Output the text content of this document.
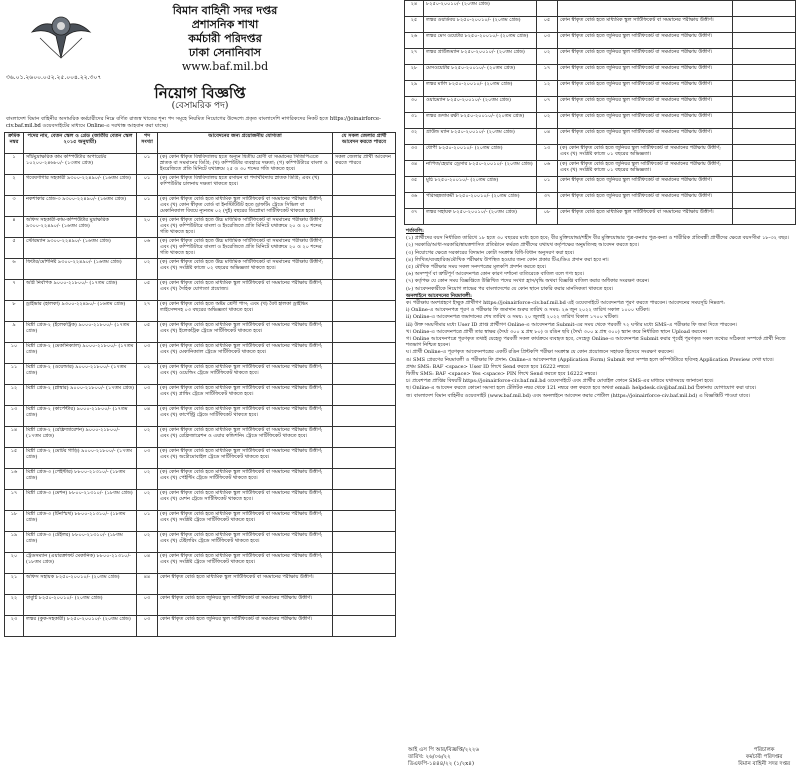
বিমান বাহিনী সদর দপ্তর
প্রশাসনিক শাখা
কর্মচারী পরিদপ্তর
ঢাকা সেনানিবাস
www.baf.mil.bd
৩৬.০১.২৬০০.০৫২.২৫.০০৪.২২.৩০৭
নিয়োগ বিজ্ঞপ্তি
(বেসামরিক পদ)
বাংলাদেশ বিমান বাহিনীর অসামরিক কর্মচারীদের নিম্নে বর্ণিত রাজস্ব খাতের শূন্য পদ সমূহে নিয়মিত নিয়োগের উদ্দেশ্যে প্রকৃত বাংলাদেশি নাগরিকদের নিকট হতে https://joinairforce-civ.baf.mil.bd ওয়েবসাইটের মাধ্যমে Online-এ দরখাস্ত আহবান করা যাচ্ছে।
ক্রমিক নম্বর	পদের নাম, বেতন স্কেল ও গ্রেড (জাতীয় বেতন স্কেল ২০১৫ অনুযায়ী)	পদ সংখ্যা	আবেদনের জন্য প্রয়োজনীয় যোগ্যতা	যে সকল জেলার প্রার্থী আবেদন করতে পারবে
১	সাঁটমুদ্রাক্ষরিক কাম কম্পিউটার অপারেটর ১০২০০-২৪৬৮০/- (১৩তম গ্রেড)	০১	(ক) কোন স্বীকৃত বিশ্ববিদ্যালয় হতে অন্যূন দ্বিতীয় শ্রেণী বা সমমানের সিজিপিএতে স্নাতক বা সমমানের ডিগ্রি; (খ) কম্পিউটার ব্যবহারে দক্ষতা; (গ) কম্পিউটারে বাংলা ও ইংরেজিতে প্রতি মিনিটে যথাক্রমে ২৫ ও ৩০ শব্দের গতি থাকতে হবে।	সকল জেলার প্রার্থী আবেদন করতে পারবে
২	গবেষণাগার সহকারী ৯৩০০-২২৪৯০/- (১৬তম গ্রেড)	০১	(ক) কোন স্বীকৃত বিশ্ববিদ্যালয় হতে রসায়ন বা পদার্থবিদ্যায় স্নাতক ডিগ্রি; এবং (খ) কম্পিউটার চালনায় দক্ষতা থাকতে হবে।	
৩	নকশাকার গ্রেড-৩ ৯৩০০-২২৪৯০/- (১৬তম গ্রেড)	০১	(ক) কোন স্বীকৃত বোর্ড হতে মাধ্যমিক স্কুল সার্টিফিকেট বা সমমানের পরীক্ষায় উত্তীর্ণ; এবং (খ) কোন স্বীকৃত বোর্ড বা ইনস্টিটিউট হতে ড্রাফটিং ট্রেডে সিভিল বা মেকানিক্যাল বিষয়ে ন্যূনতম ০২ (দুই) বছরের ডিপ্লোমা সার্টিফিকেট থাকতে হবে।	
৪	অফিস সহকারী-কাম-কম্পিউটার মুদ্রাক্ষরিক ৯৩০০-২২৪৯০/- (১৬তম গ্রেড)	২০	(ক) কোন স্বীকৃত বোর্ড হতে উচ্চ মাধ্যমিক সার্টিফিকেট বা সমমানের পরীক্ষায় উত্তীর্ণ; এবং (খ) কম্পিউটারে বাংলা ও ইংরেজিতে প্রতি মিনিটে যথাক্রমে ২০ ও ২০ শব্দের গতি থাকতে হবে।	
৫	স্টোরম্যান ৯৩০০-২২৪৯০/- (১৬তম গ্রেড)	০৬	(ক) কোন স্বীকৃত বোর্ড হতে উচ্চ মাধ্যমিক সার্টিফিকেট বা সমমানের পরীক্ষায় উত্তীর্ণ; এবং (খ) কম্পিউটারে বাংলা ও ইংরেজিতে প্রতি মিনিটে যথাক্রমে ২০ ও ২০ শব্দের গতি থাকতে হবে।	
৬	ফিটার/মেশিনিষ্ট ৯৩০০-২২৪৯০/- (১৬তম গ্রেড)	০২	(ক) কোন স্বীকৃত বোর্ড হতে উচ্চ মাধ্যমিক সার্টিফিকেট বা সমমানের পরীক্ষায় উত্তীর্ণ; এবং (খ) সংশ্লিষ্ট কাজে ০২ বছরের অভিজ্ঞতা থাকতে হবে।	
৭	অগ্নি নির্বাপক ৯০০০-২১৮০০/- (১৭তম গ্রেড)	০৫	(ক) কোন স্বীকৃত বোর্ড হতে মাধ্যমিক স্কুল সার্টিফিকেট বা সমমানের পরীক্ষায় উত্তীর্ণ; এবং (খ) দৈহিক যোগ্যতা প্রযোজ্য।	
৮	ড্রাইভার (হালকা) ৯৩০০-২২৪৯০/- (১৬তম গ্রেড)	২৭	(ক) কোন স্বীকৃত বোর্ড হতে অষ্টম শ্রেণী পাস; এবং (খ) বৈধ হালকা ড্রাইভিং লাইসেন্সসহ ০৩ বছরের অভিজ্ঞতা থাকতে হবে।	
৯	মিস্ত্রী গ্রেড-২ (ইলেকট্রিক) ৯০০০-২১৮০০/- (১৭তম গ্রেড)	০৫	(ক) কোন স্বীকৃত বোর্ড হতে মাধ্যমিক স্কুল সার্টিফিকেট বা সমমানের পরীক্ষায় উত্তীর্ণ; এবং (খ) ইলেকট্রিক ট্রেডে সার্টিফিকেট থাকতে হবে।	
১০	মিস্ত্রী গ্রেড-২ (মেকানিক্যাল) ৯০০০-২১৮০০/- (১৭তম গ্রেড)	০৩	(ক) কোন স্বীকৃত বোর্ড হতে মাধ্যমিক স্কুল সার্টিফিকেট বা সমমানের পরীক্ষায় উত্তীর্ণ; এবং (খ) মেকানিক্যাল ট্রেডে সার্টিফিকেট থাকতে হবে।	
১১	মিস্ত্রী গ্রেড-২ (ওয়েল্ডার) ৯০০০-২১৮০০/- (১৭তম গ্রেড)	০২	(ক) কোন স্বীকৃত বোর্ড হতে মাধ্যমিক স্কুল সার্টিফিকেট বা সমমানের পরীক্ষায় উত্তীর্ণ; এবং (খ) ওয়েল্ডিং ট্রেডে সার্টিফিকেট থাকতে হবে।	
১২	মিস্ত্রী গ্রেড-২ (প্লাম্বার) ৯০০০-২১৮০০/- (১৭তম গ্রেড)	০৩	(ক) কোন স্বীকৃত বোর্ড হতে মাধ্যমিক স্কুল সার্টিফিকেট বা সমমানের পরীক্ষায় উত্তীর্ণ; এবং (খ) প্লাম্বিং ট্রেডে সার্টিফিকেট থাকতে হবে।	
১৩	মিস্ত্রী গ্রেড-২ (কার্পেন্টার) ৯০০০-২১৮০০/- (১৭তম গ্রেড)	০৪	(ক) কোন স্বীকৃত বোর্ড হতে মাধ্যমিক স্কুল সার্টিফিকেট বা সমমানের পরীক্ষায় উত্তীর্ণ; এবং (খ) কার্পেন্ট্রি ট্রেডে সার্টিফিকেট থাকতে হবে।	
১৪	মিস্ত্রী গ্রেড-২ (রেফ্রিজারেশন) ৯০০০-২১৮০০/- (১৭তম গ্রেড)	০২	(ক) কোন স্বীকৃত বোর্ড হতে মাধ্যমিক স্কুল সার্টিফিকেট বা সমমানের পরীক্ষায় উত্তীর্ণ; এবং (খ) রেফ্রিজারেশন ও এয়ার কন্ডিশনিং ট্রেডে সার্টিফিকেট থাকতে হবে।	
১৫	মিস্ত্রী গ্রেড-২ (মোটর গাড়ি) ৯০০০-২১৮০০/- (১৭তম গ্রেড)	০৩	(ক) কোন স্বীকৃত বোর্ড হতে মাধ্যমিক স্কুল সার্টিফিকেট বা সমমানের পরীক্ষায় উত্তীর্ণ; এবং (খ) অটোমোবাইল ট্রেডে সার্টিফিকেট থাকতে হবে।	
১৬	মিস্ত্রী গ্রেড-৩ (পেইন্টার) ৮৮০০-২১৩১০/- (১৮তম গ্রেড)	০২	(ক) কোন স্বীকৃত বোর্ড হতে মাধ্যমিক স্কুল সার্টিফিকেট বা সমমানের পরীক্ষায় উত্তীর্ণ; এবং (খ) পেইন্টিং ট্রেডে সার্টিফিকেট থাকতে হবে।	
১৭	মিস্ত্রী গ্রেড-৩ (মেশন) ৮৮০০-২১৩১০/- (১৮তম গ্রেড)	০২	(ক) কোন স্বীকৃত বোর্ড হতে মাধ্যমিক স্কুল সার্টিফিকেট বা সমমানের পরীক্ষায় উত্তীর্ণ; এবং (খ) মেশন ট্রেডে সার্টিফিকেট থাকতে হবে।	
১৮	মিস্ত্রী গ্রেড-৩ (টিনস্মিথ) ৮৮০০-২১৩১০/- (১৮তম গ্রেড)	০১	(ক) কোন স্বীকৃত বোর্ড হতে মাধ্যমিক স্কুল সার্টিফিকেট বা সমমানের পরীক্ষায় উত্তীর্ণ; এবং (খ) সংশ্লিষ্ট ট্রেডে সার্টিফিকেট থাকতে হবে।	
১৯	মিস্ত্রী গ্রেড-৩ (টেইলর) ৮৮০০-২১৩১০/- (১৮তম গ্রেড)	০২	(ক) কোন স্বীকৃত বোর্ড হতে মাধ্যমিক স্কুল সার্টিফিকেট বা সমমানের পরীক্ষায় উত্তীর্ণ; এবং (খ) টেইলরিং ট্রেডে সার্টিফিকেট থাকতে হবে।	
২০	ট্রেডসম্যান (এয়ারক্রাফট মেকানিক) ৮৮০০-২১৩১০/- (১৮তম গ্রেড)	০৪	(ক) কোন স্বীকৃত বোর্ড হতে মাধ্যমিক স্কুল সার্টিফিকেট বা সমমানের পরীক্ষায় উত্তীর্ণ; এবং (খ) সংশ্লিষ্ট ট্রেডে সার্টিফিকেট থাকতে হবে।	
২১	অফিস সহায়ক ৮২৫০-২০০১০/- (২০তম গ্রেড)	৪৪	কোন স্বীকৃত বোর্ড হতে মাধ্যমিক স্কুল সার্টিফিকেট বা সমমানের পরীক্ষায় উত্তীর্ণ।	
২২	বাবুর্চি ৮২৫০-২০০১০/- (২০তম গ্রেড)	০৩	কোন স্বীকৃত বোর্ড হতে জুনিয়র স্কুল সার্টিফিকেট বা সমমানের পরীক্ষায় উত্তীর্ণ।	
২৩	লস্কর (কুক-সহকারী) ৮২৫০-২০০১০/- (২০তম গ্রেড)	০৩	কোন স্বীকৃত বোর্ড হতে জুনিয়র স্কুল সার্টিফিকেট বা সমমানের পরীক্ষায় উত্তীর্ণ।	
২৪	৮২৫০-২০০১০/- (২০তম গ্রেড)			
২৫	লস্কর ওয়ার্ডবয় ৮২৫০-২০০১০/- (২০তম গ্রেড)	০৫	কোন স্বীকৃত বোর্ড হতে মাধ্যমিক স্কুল সার্টিফিকেট বা সমমানের পরীক্ষায় উত্তীর্ণ।	
২৬	লস্কর মেস ওয়েটার ৮২৫০-২০০১০/- (২০তম গ্রেড)	০৩	কোন স্বীকৃত বোর্ড হতে জুনিয়র স্কুল সার্টিফিকেট বা সমমানের পরীক্ষায় উত্তীর্ণ।	
২৭	লস্কর গ্রাউন্ডম্যান ৮২৫০-২০০১০/- (২০তম গ্রেড)	০২	কোন স্বীকৃত বোর্ড হতে জুনিয়র স্কুল সার্টিফিকেট বা সমমানের পরীক্ষায় উত্তীর্ণ।	
২৮	মেসওয়েটার ৮২৫০-২০০১০/- (২০তম গ্রেড)	১৭	কোন স্বীকৃত বোর্ড হতে জুনিয়র স্কুল সার্টিফিকেট বা সমমানের পরীক্ষায় উত্তীর্ণ।	
২৯	লস্কর মালি ৮২৫০-২০০১০/- (২০তম গ্রেড)	১২	কোন স্বীকৃত বোর্ড হতে জুনিয়র স্কুল সার্টিফিকেট বা সমমানের পরীক্ষায় উত্তীর্ণ।	
৩০	ওয়াচম্যান ৮২৫০-২০০১০/- (২০তম গ্রেড)	০৭	কোন স্বীকৃত বোর্ড হতে জুনিয়র স্কুল সার্টিফিকেট বা সমমানের পরীক্ষায় উত্তীর্ণ।	
৩১	লস্কর গুদাম রক্ষী ৮২৫০-২০০১০/- (২০তম গ্রেড)	০২	কোন স্বীকৃত বোর্ড হতে জুনিয়র স্কুল সার্টিফিকেট বা সমমানের পরীক্ষায় উত্তীর্ণ।	
৩২	গ্রাউন্ড ম্যান ৮২৫০-২০০১০/- (২০তম গ্রেড)	০৪	কোন স্বীকৃত বোর্ড হতে জুনিয়র স্কুল সার্টিফিকেট বা সমমানের পরীক্ষায় উত্তীর্ণ।	
৩৩	ধোপী ৮২৫০-২০০১০/- (২০তম গ্রেড)	১৩	(ক) কোন স্বীকৃত বোর্ড হতে জুনিয়র স্কুল সার্টিফিকেট বা সমমানের পরীক্ষায় উত্তীর্ণ; এবং (খ) সংশ্লিষ্ট কাজে ০১ বছরের অভিজ্ঞতা।	
৩৪	নাপিত/হেয়ার ড্রেসার ৮২৫০-২০০১০/- (২০তম গ্রেড)	০৬	(ক) কোন স্বীকৃত বোর্ড হতে জুনিয়র স্কুল সার্টিফিকেট বা সমমানের পরীক্ষায় উত্তীর্ণ; এবং (খ) সংশ্লিষ্ট কাজে ০১ বছরের অভিজ্ঞতা।	
৩৫	মুচি ৮২৫০-২০০১০/- (২০তম গ্রেড)	০১	কোন স্বীকৃত বোর্ড হতে জুনিয়র স্কুল সার্টিফিকেট বা সমমানের পরীক্ষায় উত্তীর্ণ।	
৩৬	পরিচ্ছন্নতাকর্মী ৮২৫০-২০০১০/- (২০তম গ্রেড)	৩৭	কোন স্বীকৃত বোর্ড হতে জুনিয়র স্কুল সার্টিফিকেট বা সমমানের পরীক্ষায় উত্তীর্ণ।	
৩৭	লস্কর সহায়ক ৮২৫০-২০০১০/- (২০তম গ্রেড)	০৮	কোন স্বীকৃত বোর্ড হতে মাধ্যমিক স্কুল সার্টিফিকেট বা সমমানের পরীক্ষায় উত্তীর্ণ।	

শর্তাবলি:

(১) প্রার্থীদের বয়স নির্ধারিত তারিখে ১৮ হতে ৩০ বছরের মধ্যে হতে হবে; বীর মুক্তিযোদ্ধা/শহীদ বীর মুক্তিযোদ্ধার পুত্র-কন্যার পুত্র-কন্যা ও শারীরিক প্রতিবন্ধী প্রার্থীদের ক্ষেত্রে বয়সসীমা ১৮-৩২ বছর।

(২) সরকারি/আধা-সরকারি/স্বায়ত্তশাসিত প্রতিষ্ঠানে কর্মরত প্রার্থীদের যথাযথ কর্তৃপক্ষের অনুমতিসহ আবেদন করতে হবে।

(৩) নিয়োগের ক্ষেত্রে সরকারের বিদ্যমান কোটা সংক্রান্ত বিধি-বিধান অনুসরণ করা হবে।

(৪) লিখিত/ব্যবহারিক/মৌখিক পরীক্ষায় উপস্থিত হওয়ার জন্য কোন প্রকার টিএ/ডিএ প্রদান করা হবে না।

(৫) মৌখিক পরীক্ষার সময় সকল সনদপত্রের মূলকপি প্রদর্শন করতে হবে।

(৬) অসম্পূর্ণ বা ত্রুটিপূর্ণ আবেদনপত্র কোন কারণ দর্শানো ব্যতিরেকে বাতিল বলে গণ্য হবে।

(৭) কর্তৃপক্ষ যে কোন সময় বিজ্ঞপ্তিতে উল্লিখিত পদের সংখ্যা হ্রাস/বৃদ্ধি অথবা বিজ্ঞপ্তি বাতিল করার অধিকার সংরক্ষণ করেন।

(৮) আবেদনকারীকে নিয়োগ লাভের পর বাংলাদেশের যে কোন স্থানে চাকরি করার মানসিকতা থাকতে হবে।

অনলাইনে আবেদনের নিয়মাবলী:

ক। পরীক্ষায় অংশগ্রহণে ইচ্ছুক প্রার্থীগণ https://joinairforce-civ.baf.mil.bd এই ওয়েবসাইটে আবেদনপত্র পূরণ করতে পারবেন। আবেদনের সময়সূচি নিম্নরূপ:

i) Online-এ আবেদনপত্র পূরণ ও পরীক্ষার ফি জমাদান শুরুর তারিখ ও সময়: ২৬ জুন ২০২২ তারিখ সকাল ১০০০ ঘটিকা।

ii) Online-এ আবেদনপত্র জমাদানের শেষ তারিখ ও সময়: ২০ জুলাই ২০২২ তারিখ বিকাল ১৭০০ ঘটিকা।

iii) উক্ত সময়সীমার মধ্যে User ID প্রাপ্ত প্রার্থীগণ Online-এ আবেদনপত্র Submit-এর সময় থেকে পরবর্তী ৭২ ঘণ্টার মধ্যে SMS-এ পরীক্ষার ফি জমা দিতে পারবেন।

খ। Online-এ আবেদনপত্রে প্রার্থী তার স্বাক্ষর (দৈর্ঘ্য ৩০০ x প্রস্থ ৮০) ও রঙিন ছবি (দৈর্ঘ্য ৩০০ x প্রস্থ ৩০০) স্ক্যান করে নির্ধারিত স্থানে Upload করবেন।

গ। Online আবেদনপত্রে পূরণকৃত তথ্যই যেহেতু পরবর্তী সকল কার্যক্রমে ব্যবহৃত হবে, সেহেতু Online-এ আবেদনপত্র Submit করার পূর্বেই পূরণকৃত সকল তথ্যের সঠিকতা সম্পর্কে প্রার্থী নিজে শতভাগ নিশ্চিত হবেন।

ঘ। প্রার্থী Online-এ পূরণকৃত আবেদনপত্রের একটি রঙিন প্রিন্টকপি পরীক্ষা সংক্রান্ত যে কোন প্রয়োজনে সহায়ক হিসেবে সংরক্ষণ করবেন।

ঙ। SMS প্রেরণের নিয়মাবলী ও পরীক্ষার ফি প্রদান: Online-এ আবেদনপত্র (Application Form) Submit করা সম্পন্ন হলে কম্পিউটারে ছবিসহ Application Preview দেখা যাবে।

প্রথম SMS: BAF <space> User ID লিখে Send করতে হবে 16222 নম্বরে।

দ্বিতীয় SMS: BAF <space> Yes <space> PIN লিখে Send করতে হবে 16222 নম্বরে।

চ। প্রবেশপত্র প্রাপ্তির বিষয়টি https://joinairforce-civ.baf.mil.bd ওয়েবসাইটে এবং প্রার্থীর মোবাইল ফোনে SMS-এর মাধ্যমে যথাসময়ে জানানো হবে।

ছ। Online-এ আবেদন করতে কোনো সমস্যা হলে টেলিটক নম্বর থেকে 121 নম্বরে কল করতে হবে অথবা email: helpdesk.civ@baf.mil.bd ঠিকানায় যোগাযোগ করা যাবে।

জ। বাংলাদেশ বিমান বাহিনীর ওয়েবসাইট (www.baf.mil.bd) এবং অনলাইনে আবেদন করার পোর্টাল (https://joinairforce-civ.baf.mil.bd) এ বিজ্ঞপ্তিটি পাওয়া যাবে।

আই এস পি আর/বিজ্ঞপ্তি/২২২৬
তারিখ: ২৬/০৬/২২
ডিএফপি-১৪৪৪/২২ (১/২x৪)
পরিচালক
কর্মচারী পরিদপ্তর
বিমান বাহিনী সদর দপ্তর
